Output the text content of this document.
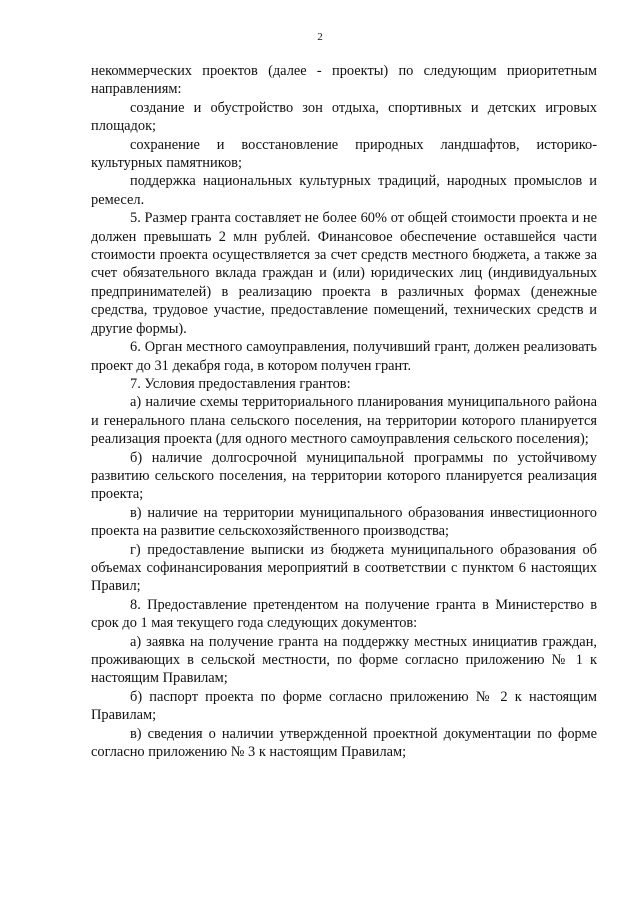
2

некоммерческих проектов (далее - проекты) по следующим приоритетным направлениям:

создание и обустройство зон отдыха, спортивных и детских игровых площадок;

сохранение и восстановление природных ландшафтов, историко-культурных памятников;

поддержка национальных культурных традиций, народных промыслов и ремесел.

5. Размер гранта составляет не более 60% от общей стоимости проекта и не должен превышать 2 млн рублей. Финансовое обеспечение оставшейся части стоимости проекта осуществляется за счет средств местного бюджета, а также за счет обязательного вклада граждан и (или) юридических лиц (индивидуальных предпринимателей) в реализацию проекта в различных формах (денежные средства, трудовое участие, предоставление помещений, технических средств и другие формы).

6. Орган местного самоуправления, получивший грант, должен реализовать проект до 31 декабря года, в котором получен грант.

7. Условия предоставления грантов:

а) наличие схемы территориального планирования муниципального района и генерального плана сельского поселения, на территории которого планируется реализация проекта (для одного местного самоуправления сельского поселения);

б) наличие долгосрочной муниципальной программы по устойчивому развитию сельского поселения, на территории которого планируется реализация проекта;

в) наличие на территории муниципального образования инвестиционного проекта на развитие сельскохозяйственного производства;

г) предоставление выписки из бюджета муниципального образования об объемах софинансирования мероприятий в соответствии с пунктом 6 настоящих Правил;

8. Предоставление претендентом на получение гранта в Министерство в срок до 1 мая текущего года следующих документов:

а) заявка на получение гранта на поддержку местных инициатив граждан, проживающих в сельской местности, по форме согласно приложению № 1 к настоящим Правилам;

б) паспорт проекта по форме согласно приложению № 2 к настоящим Правилам;

в) сведения о наличии утвержденной проектной документации по форме согласно приложению № 3 к настоящим Правилам;
